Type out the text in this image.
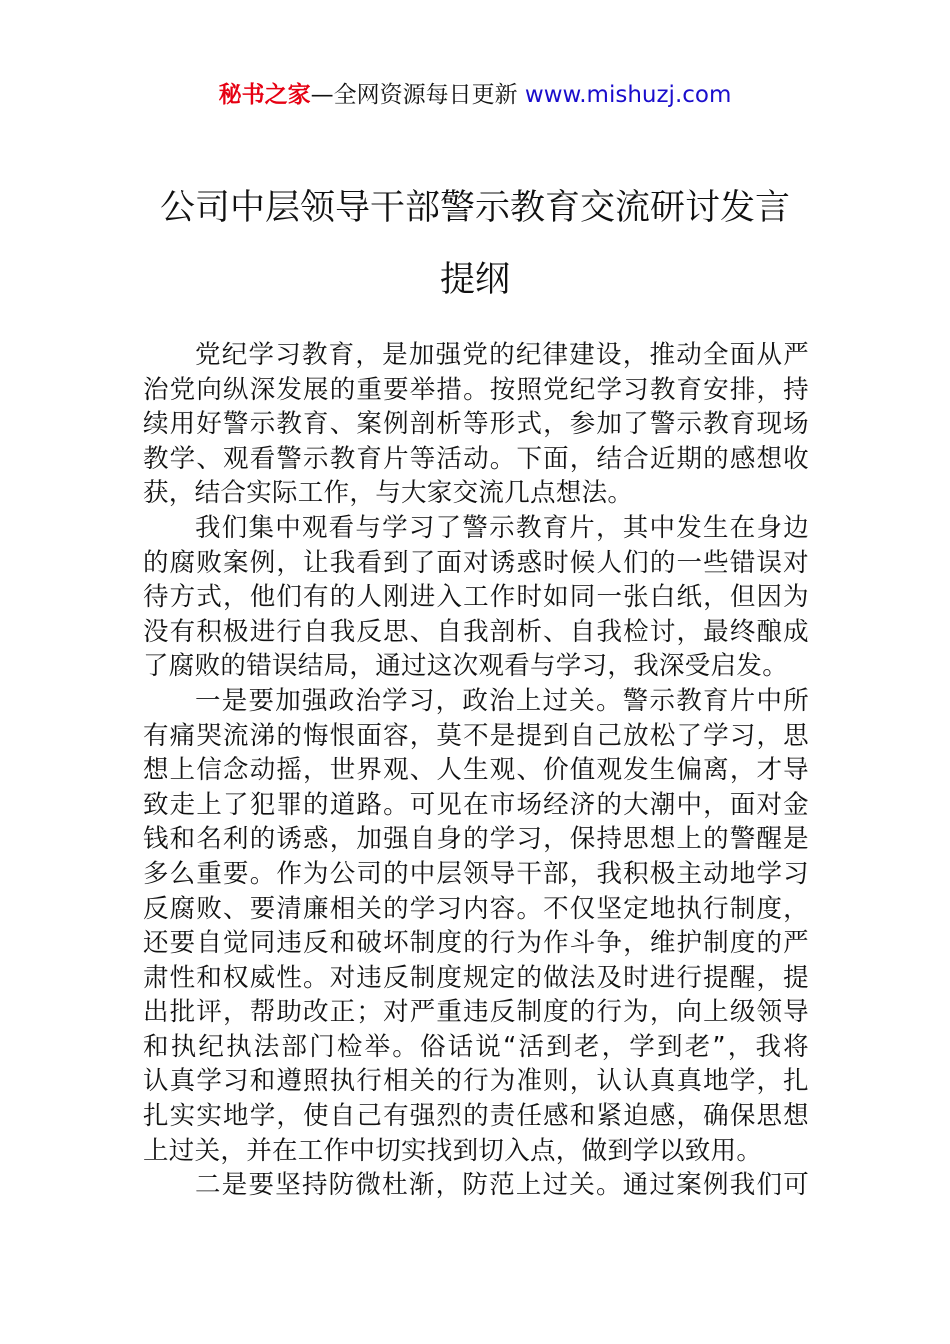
秘书之家—全网资源每日更新 www.mishuzj.com
公司中层领导干部警示教育交流研讨发言
提纲
党纪学习教育，是加强党的纪律建设，推动全面从严
治党向纵深发展的重要举措。按照党纪学习教育安排，持
续用好警示教育、案例剖析等形式，参加了警示教育现场
教学、观看警示教育片等活动。下面，结合近期的感想收
获，结合实际工作，与大家交流几点想法。
我们集中观看与学习了警示教育片，其中发生在身边
的腐败案例，让我看到了面对诱惑时候人们的一些错误对
待方式，他们有的人刚进入工作时如同一张白纸，但因为
没有积极进行自我反思、自我剖析、自我检讨，最终酿成
了腐败的错误结局，通过这次观看与学习，我深受启发。
一是要加强政治学习，政治上过关。警示教育片中所
有痛哭流涕的悔恨面容，莫不是提到自己放松了学习，思
想上信念动摇，世界观、人生观、价值观发生偏离，才导
致走上了犯罪的道路。可见在市场经济的大潮中，面对金
钱和名利的诱惑，加强自身的学习，保持思想上的警醒是
多么重要。作为公司的中层领导干部，我积极主动地学习
反腐败、要清廉相关的学习内容。不仅坚定地执行制度，
还要自觉同违反和破坏制度的行为作斗争，维护制度的严
肃性和权威性。对违反制度规定的做法及时进行提醒，提
出批评，帮助改正；对严重违反制度的行为，向上级领导
和执纪执法部门检举。俗话说“活到老，学到老”，我将
认真学习和遵照执行相关的行为准则，认认真真地学，扎
扎实实地学，使自己有强烈的责任感和紧迫感，确保思想
上过关，并在工作中切实找到切入点，做到学以致用。
二是要坚持防微杜渐，防范上过关。通过案例我们可
